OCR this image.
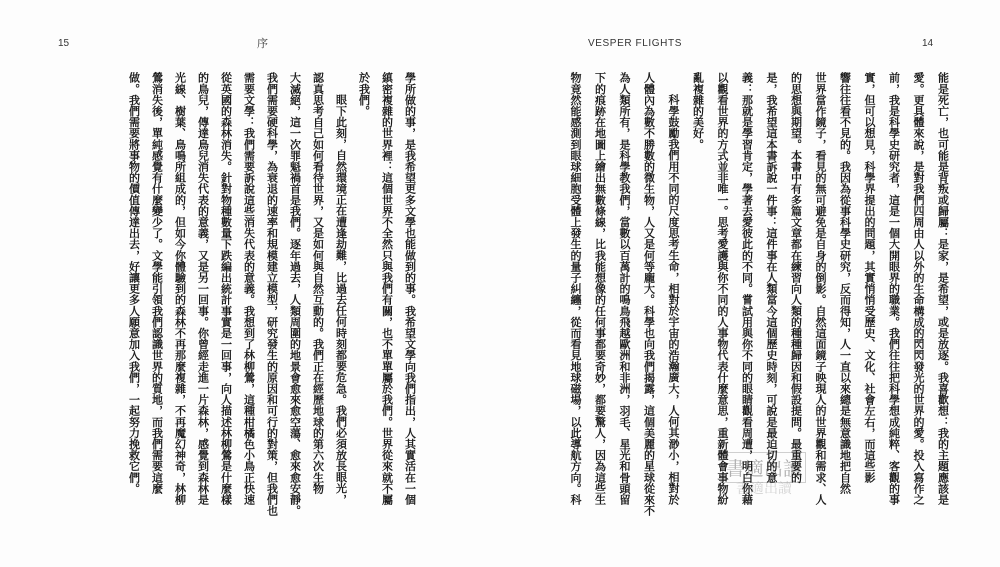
15	序	VESPER FLIGHTS	14
書適出讀
書適出讀	能是死亡，也可能是背叛或歸屬：是家，是希望，或是放逐。我喜歡想：我的主題應該是
愛。更具體來說，是對我們四周由人以外的生命構成的閃閃發光的世界的愛。投入寫作之
前，我是科學史研究者，這是一個大開眼界的職業。我們往往把科學想成純粹、客觀的事
實，但可以想見，科學界提出的問題，其實悄悄受歷史、文化、社會左右，而這些影
響往往看不見的。我因為從事科學史研究，反而得知，人一直以來總是無意識地把自然
世界當作鏡子，看見的無可避免是自身的倒影。自然這面鏡子映現人的世界觀和需求、人
的思想與期望。本書中有多篇文章都在練習向人類的種種歸因和假設提問。最重要的
是，我希望這本書訴說一件事：這件事在人類當今這個歷史時刻，可說是最迫切的意
義：那就是學習肯定，學著去愛彼此的不同。嘗試用與你不同的眼睛觀看周遭，明白你藉
以觀看世界的方式並非唯一。思考愛護與你不同的人事物代表什麼意思，重新體會事物紛
亂複雜的美好。
科學鼓勵我們用不同的尺度思考生命，相對於宇宙的浩瀚廣大，人何其渺小，相對於
人體內為數不勝數的微生物，人又是何等龐大。科學也向我們揭露，這個美麗的星球從來不
為人類所有，是科學教我們，當數以百萬計的鳴鳥飛越歐洲和非洲，羽毛、星光和骨頭留
下的痕跡在地圖上繪出無數條線，比我能想像的任何事都要奇妙，都要驚人，因為這些生
物竟然能感測到眼球細胞受體上發生的量子糾纏，從而看見地球磁場，以此導航方向。科
學所做的事，是我希望更多文學也能做到的事。我希望文學向我們指出，人其實活在一個
縝密複雜的世界裡：這個世界不全然只與我們有關，也不單單屬於我們。世界從來就不屬
於我們。
眼下此刻，自然環境正在遭逢劫難，比過去任何時刻都要危急。我們必須放長眼光，
認真思考自己如何看待世界，又是如何與自然互動的。我們正在經歷地球的第六次生物
大滅絕，這一次罪魁禍首是我們。逐年過去，人類周圍的地景會愈來愈空蕩、愈來愈安靜。
我們需要硬科學，為衰退的速率和規模建立模型，研究發生的原因和可行的對策，但我們也
需要文學：我們需要訴說這些消失代表的意義。我想到了林柳鶯，這種柑橘色小鳥正快速
從英國的森林消失。針對物種數量下跌編出統計事實是一回事，向人描述林柳鶯是什麼樣
的鳥兒，傳達鳥兒消失代表的意義，又是另一回事。你曾經走進一片森林，感覺到森林是
光線、樹葉、鳥鳴所組成的，但如今你體驗到的森林不再那麼複雜，不再魔幻神奇，林柳
鶯消失後，單純感覺有什麼變少了。文學能引領我們認識世界的質地，而我們需要這麼
做。我們需要將事物的價值傳達出去，好讓更多人願意加入我們，一起努力挽救它們。
